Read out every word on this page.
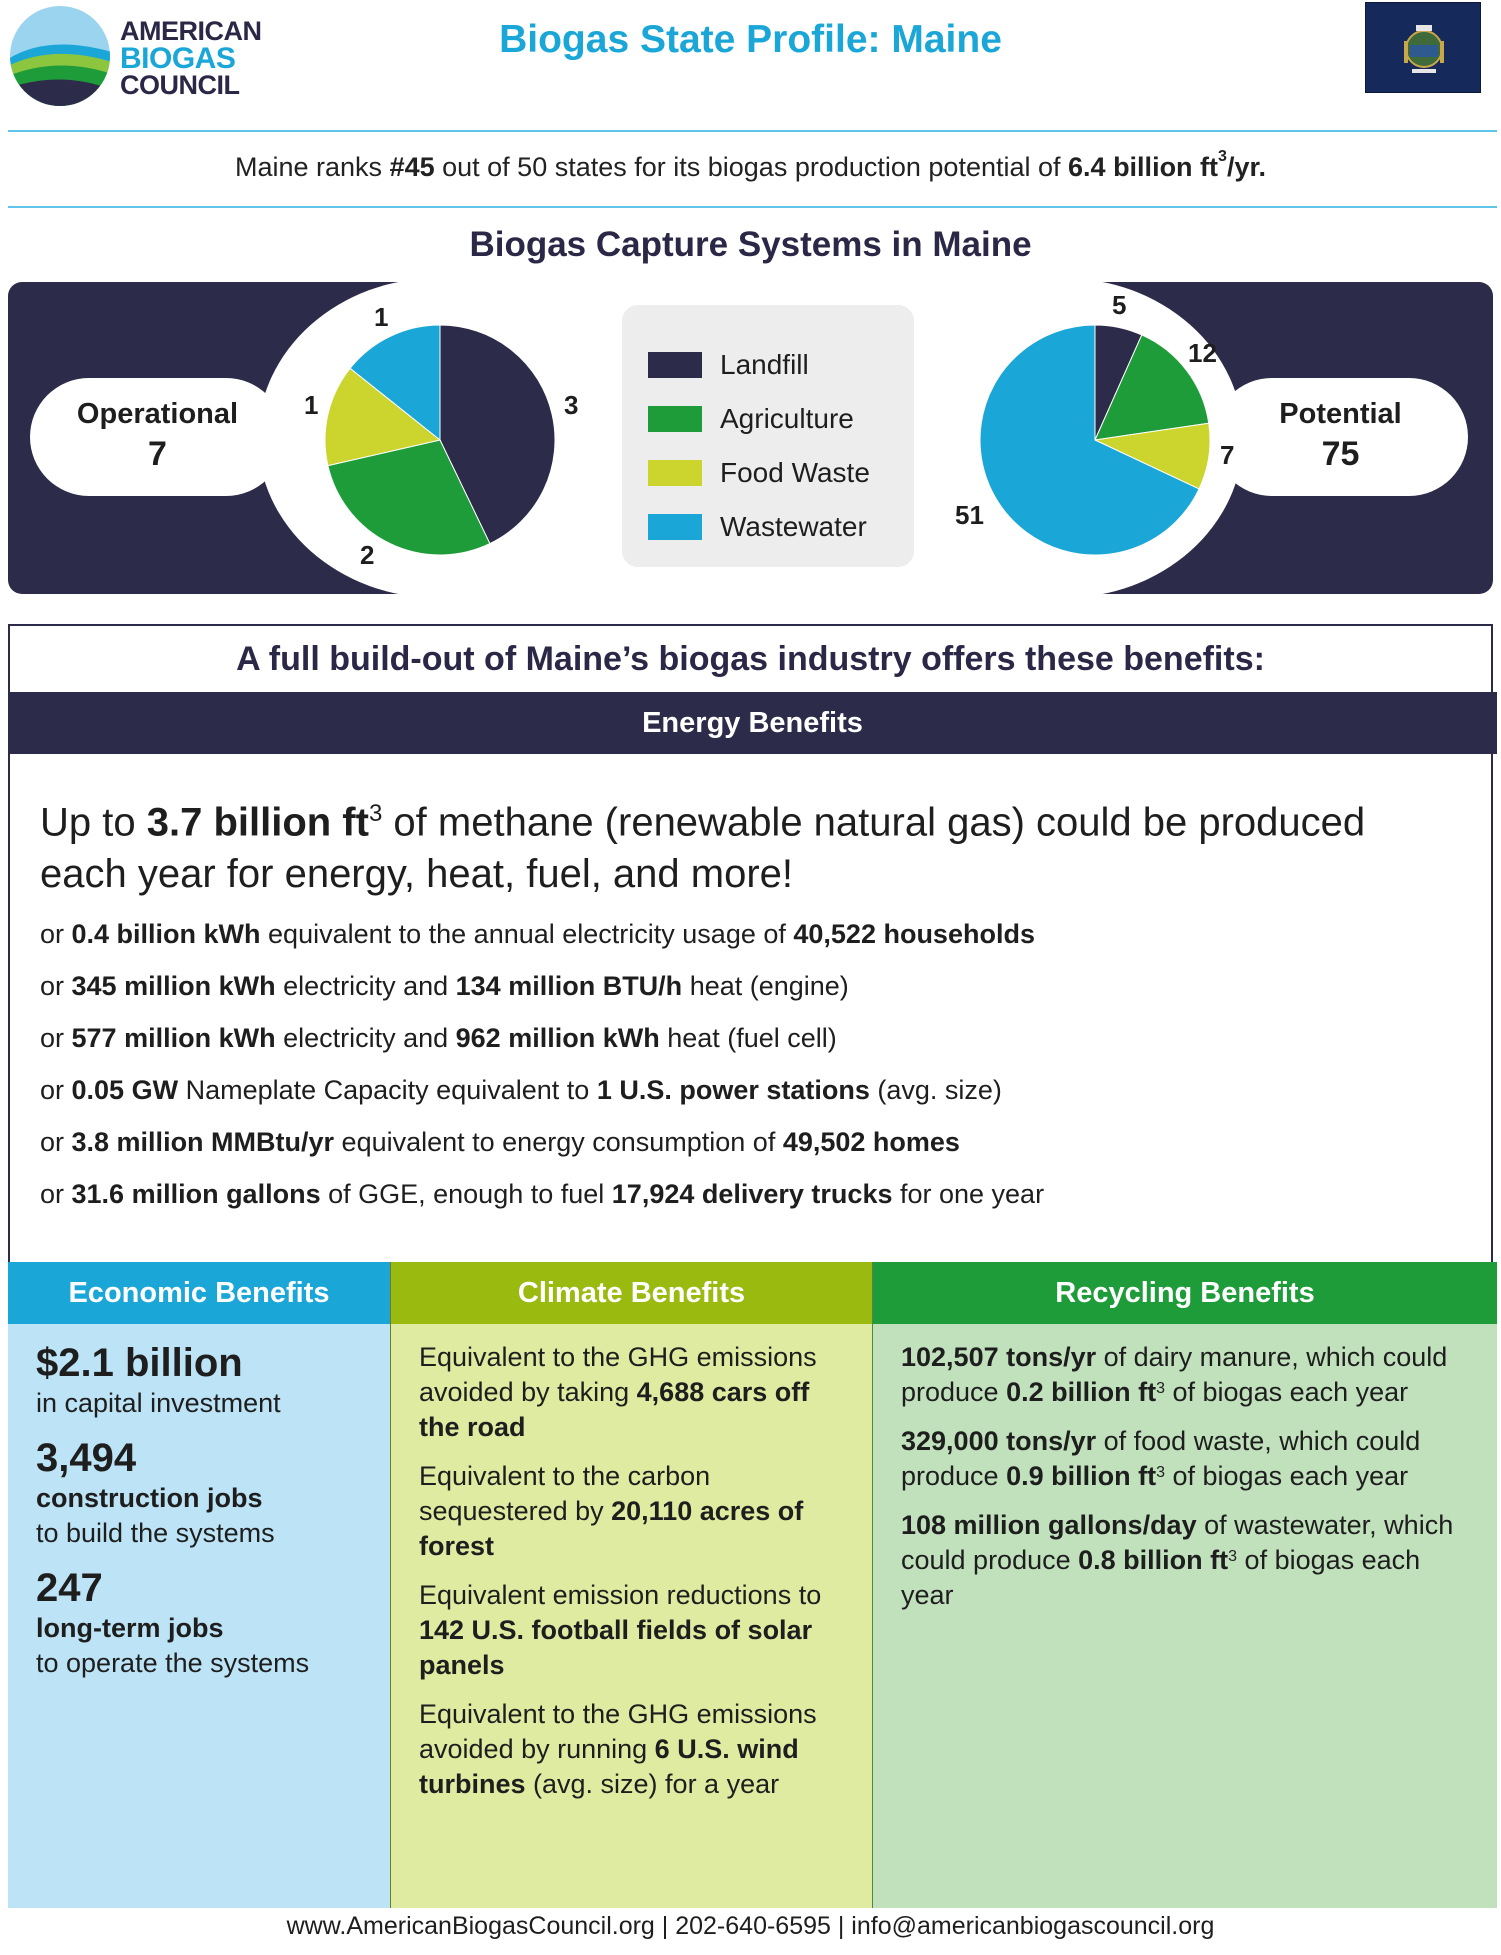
AMERICAN
BIOGAS
COUNCIL
Biogas State Profile: Maine
Maine ranks #45 out of 50 states for its biogas production potential of 6.4 billion $ft^3/yr$.
Biogas Capture Systems in Maine
Operational
7
Potential
75
1
1	3
2
5
12
7
51
Landfill
Agriculture
Food Waste
Wastewater
A full build-out of Maine’s biogas industry offers these benefits:
Energy Benefits
Up to 3.7 billion $ft^3$ of methane (renewable natural gas) could be produced each year for energy, heat, fuel, and more!
or 0.4 billion kWh equivalent to the annual electricity usage of 40,522 households
or 345 million kWh electricity and 134 million BTU/h heat (engine)
or 577 million kWh electricity and 962 million kWh heat (fuel cell)
or 0.05 GW Nameplate Capacity equivalent to 1 U.S. power stations (avg. size)
or 3.8 million MMBtu/yr equivalent to energy consumption of 49,502 homes
or 31.6 million gallons of GGE, enough to fuel 17,924 delivery trucks for one year
Economic Benefits
$2.1 billion
in capital investment
3,494
construction jobs
to build the systems
247
long-term jobs
to operate the systems
Climate Benefits
Equivalent to the GHG emissions avoided by taking 4,688 cars off the road
Equivalent to the carbon sequestered by 20,110 acres of forest
Equivalent emission reductions to 142 U.S. football fields of solar panels
Equivalent to the GHG emissions avoided by running 6 U.S. wind turbines (avg. size) for a year
Recycling Benefits
102,507 tons/yr of dairy manure, which could produce 0.2 billion $ft^3$ of biogas each year
329,000 tons/yr of food waste, which could produce 0.9 billion $ft^3$ of biogas each year
108 million gallons/day of wastewater, which could produce 0.8 billion $ft^3$ of biogas each year
www.AmericanBiogasCouncil.org | 202-640-6595 | info@americanbiogascouncil.org
